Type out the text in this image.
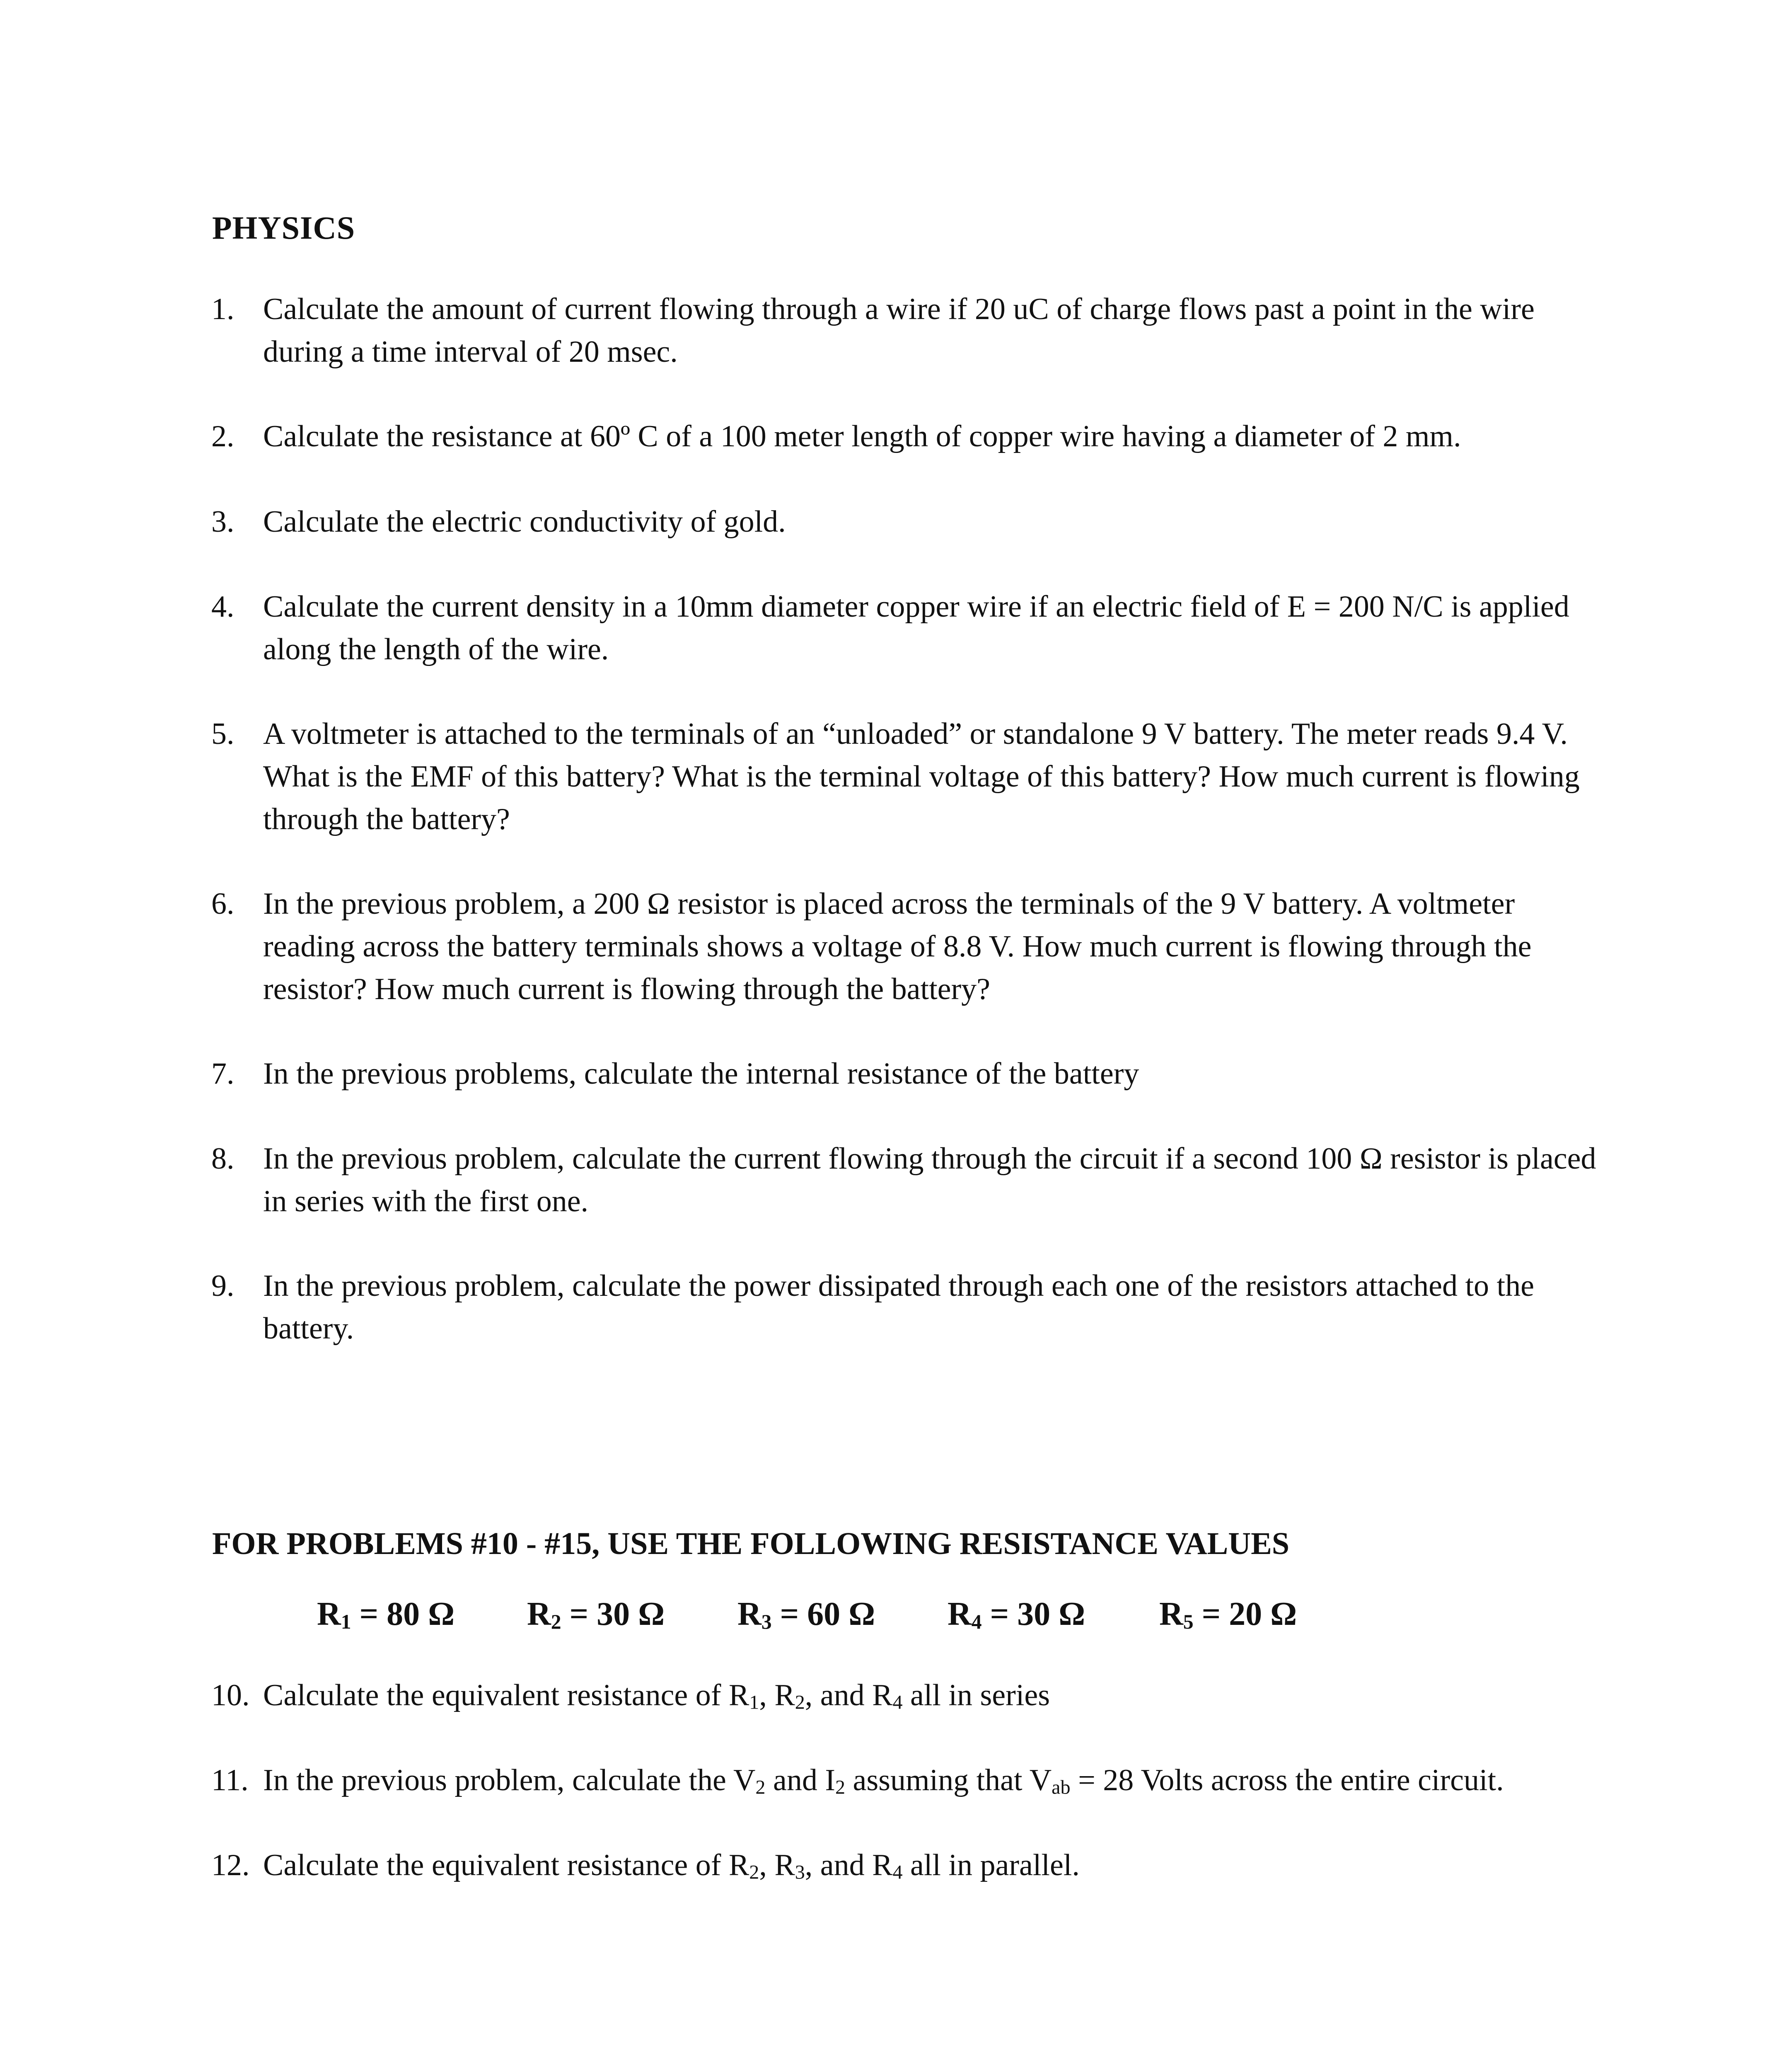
PHYSICS
1. Calculate the amount of current flowing through a wire if 20 uC of charge flows past a point in the wire during a time interval of 20 msec.
2. Calculate the resistance at 60º C of a 100 meter length of copper wire having a diameter of 2 mm.
3. Calculate the electric conductivity of gold.
4. Calculate the current density in a 10mm diameter copper wire if an electric field of E = 200 N/C is applied along the length of the wire.
5. A voltmeter is attached to the terminals of an “unloaded” or standalone 9 V battery. The meter reads 9.4 V. What is the EMF of this battery? What is the terminal voltage of this battery? How much current is flowing through the battery?
6. In the previous problem, a 200 Ω resistor is placed across the terminals of the 9 V battery. A voltmeter reading across the battery terminals shows a voltage of 8.8 V. How much current is flowing through the resistor? How much current is flowing through the battery?
7. In the previous problems, calculate the internal resistance of the battery
8. In the previous problem, calculate the current flowing through the circuit if a second 100 Ω resistor is placed in series with the first one.
9. In the previous problem, calculate the power dissipated through each one of the resistors attached to the battery.
FOR PROBLEMS #10 - #15, USE THE FOLLOWING RESISTANCE VALUES
$R_1 = 80$ Ω $R_2 = 30$ Ω $R_3 = 60$ Ω $R_4 = 30$ Ω $R_5 = 20$ Ω
10. Calculate the equivalent resistance of $R_1$, $R_2$, and $R_4$ all in series
11. In the previous problem, calculate the $V_2$ and $I_2$ assuming that $V_{ab} = 28$ Volts across the entire circuit.
12. Calculate the equivalent resistance of $R_2$, $R_3$, and $R_4$ all in parallel.
